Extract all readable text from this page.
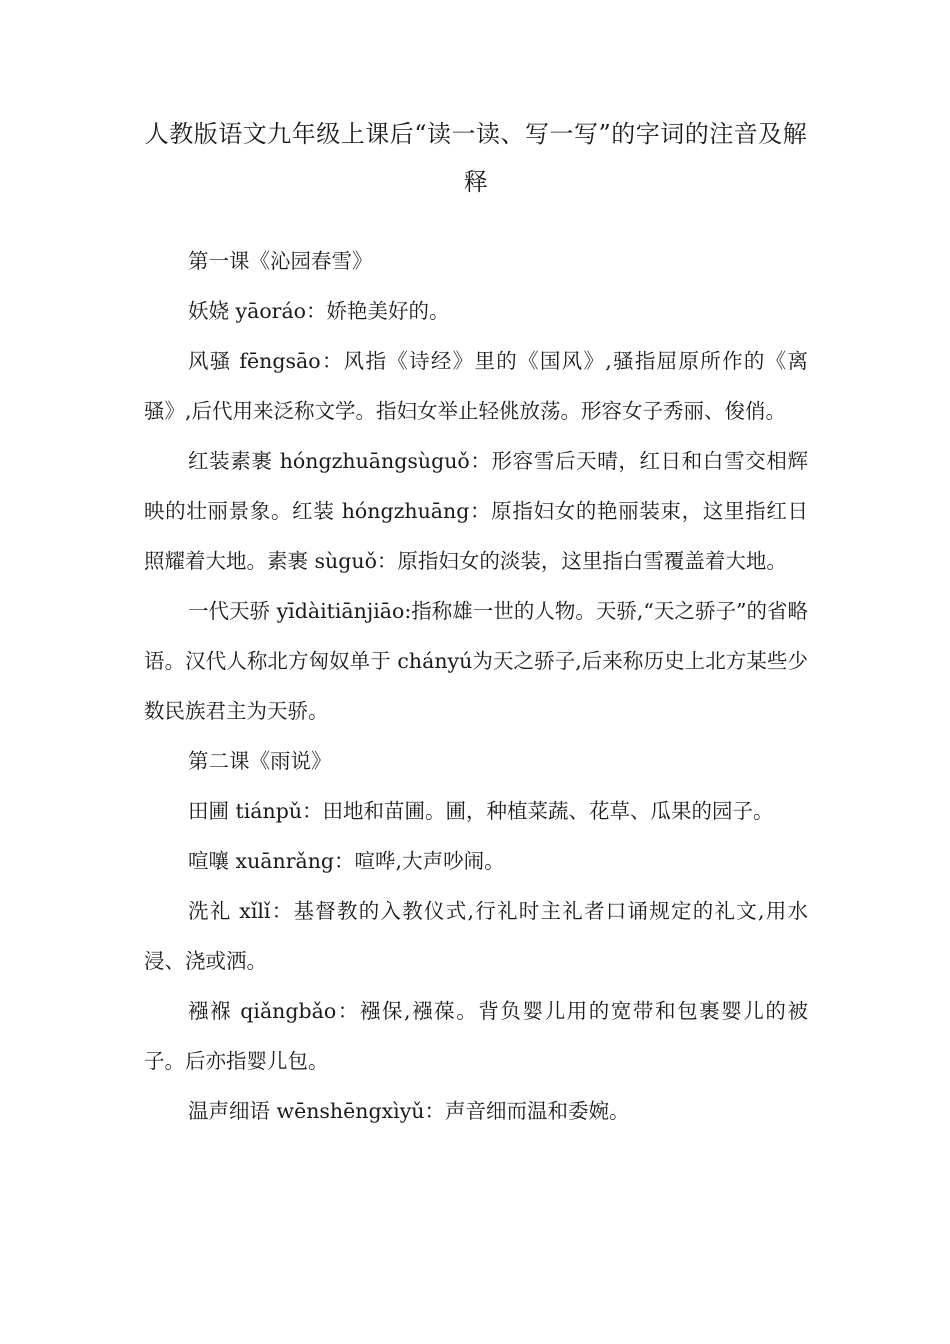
人教版语文九年级上课后“读一读、写一写”的字词的注音及解释

第一课《沁园春雪》

妖娆 yāoráo：娇艳美好的。

风骚 fēngsāo：风指《诗经》里的《国风》,骚指屈原所作的《离骚》,后代用来泛称文学。指妇女举止轻佻放荡。形容女子秀丽、俊俏。

红装素裹 hóngzhuāngsùguǒ：形容雪后天晴，红日和白雪交相辉映的壮丽景象。红装 hóngzhuāng：原指妇女的艳丽装束，这里指红日照耀着大地。素裹 sùguǒ：原指妇女的淡装，这里指白雪覆盖着大地。

一代天骄 yīdàitiānjiāo:指称雄一世的人物。天骄,“天之骄子”的省略语。汉代人称北方匈奴单于 chányú为天之骄子,后来称历史上北方某些少数民族君主为天骄。

第二课《雨说》

田圃 tiánpǔ：田地和苗圃。圃，种植菜蔬、花草、瓜果的园子。

喧嚷 xuānrǎng：喧哗,大声吵闹。

洗礼 xǐlǐ：基督教的入教仪式,行礼时主礼者口诵规定的礼文,用水浸、浇或洒。

襁褓 qiǎngbǎo：襁保,襁葆。背负婴儿用的宽带和包裹婴儿的被子。后亦指婴儿包。

温声细语 wēnshēngxìyǔ：声音细而温和委婉。
